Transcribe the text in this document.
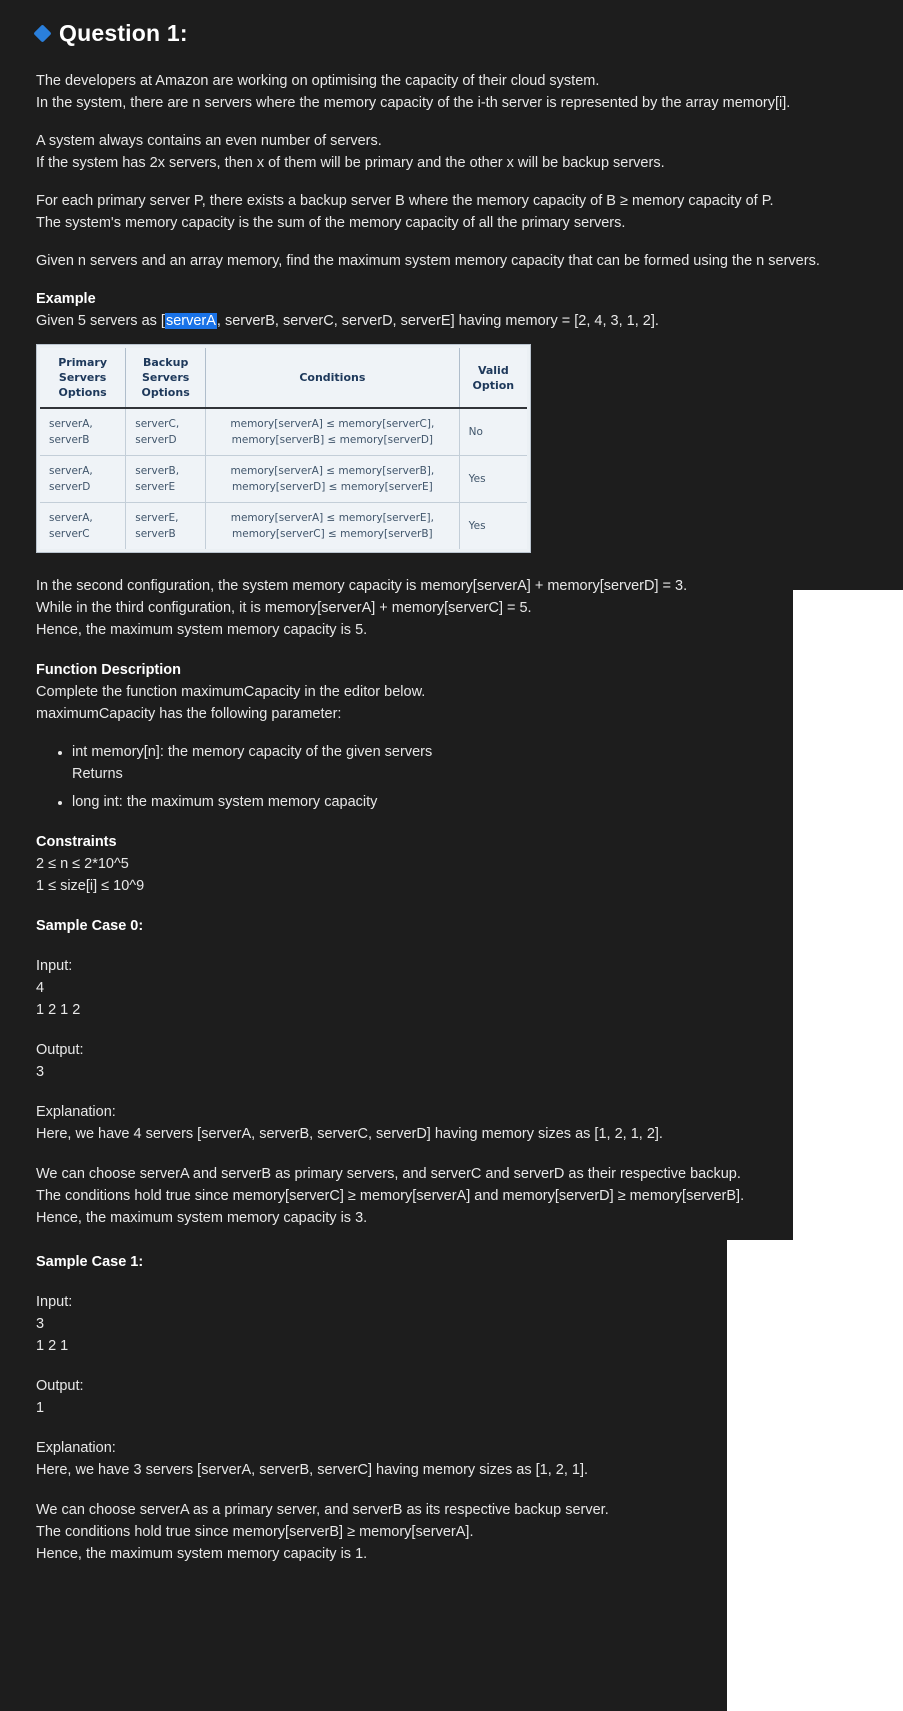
Question 1:
The developers at Amazon are working on optimising the capacity of their cloud system.
In the system, there are n servers where the memory capacity of the i-th server is represented by the array memory[i].
A system always contains an even number of servers.
If the system has 2x servers, then x of them will be primary and the other x will be backup servers.
For each primary server P, there exists a backup server B where the memory capacity of B ≥ memory capacity of P.
The system's memory capacity is the sum of the memory capacity of all the primary servers.
Given n servers and an array memory, find the maximum system memory capacity that can be formed using the n servers.
Example
Given 5 servers as [serverA, serverB, serverC, serverD, serverE] having memory = [2, 4, 3, 1, 2].
Primary
Servers
Options	Backup
Servers
Options	Conditions	Valid
Option

serverA,
serverB	serverC,
serverD	memory[serverA] ≤ memory[serverC],
memory[serverB] ≤ memory[serverD]	No

serverA,
serverD	serverB,
serverE	memory[serverA] ≤ memory[serverB],
memory[serverD] ≤ memory[serverE]	Yes

serverA,
serverC	serverE,
serverB	memory[serverA] ≤ memory[serverE],
memory[serverC] ≤ memory[serverB]	Yes
In the second configuration, the system memory capacity is memory[serverA] + memory[serverD] = 3.
While in the third configuration, it is memory[serverA] + memory[serverC] = 5.
Hence, the maximum system memory capacity is 5.
Function Description
Complete the function maximumCapacity in the editor below.
maximumCapacity has the following parameter:
• int memory[n]: the memory capacity of the given servers
Returns
• long int: the maximum system memory capacity
Constraints
2 ≤ n ≤ 2*10^5
1 ≤ size[i] ≤ 10^9
Sample Case 0:
Input:
4
1 2 1 2
Output:
3
Explanation:
Here, we have 4 servers [serverA, serverB, serverC, serverD] having memory sizes as [1, 2, 1, 2].
We can choose serverA and serverB as primary servers, and serverC and serverD as their respective backup.
The conditions hold true since memory[serverC] ≥ memory[serverA] and memory[serverD] ≥ memory[serverB].
Hence, the maximum system memory capacity is 3.
Sample Case 1:
Input:
3
1 2 1
Output:
1
Explanation:
Here, we have 3 servers [serverA, serverB, serverC] having memory sizes as [1, 2, 1].
We can choose serverA as a primary server, and serverB as its respective backup server.
The conditions hold true since memory[serverB] ≥ memory[serverA].
Hence, the maximum system memory capacity is 1.
